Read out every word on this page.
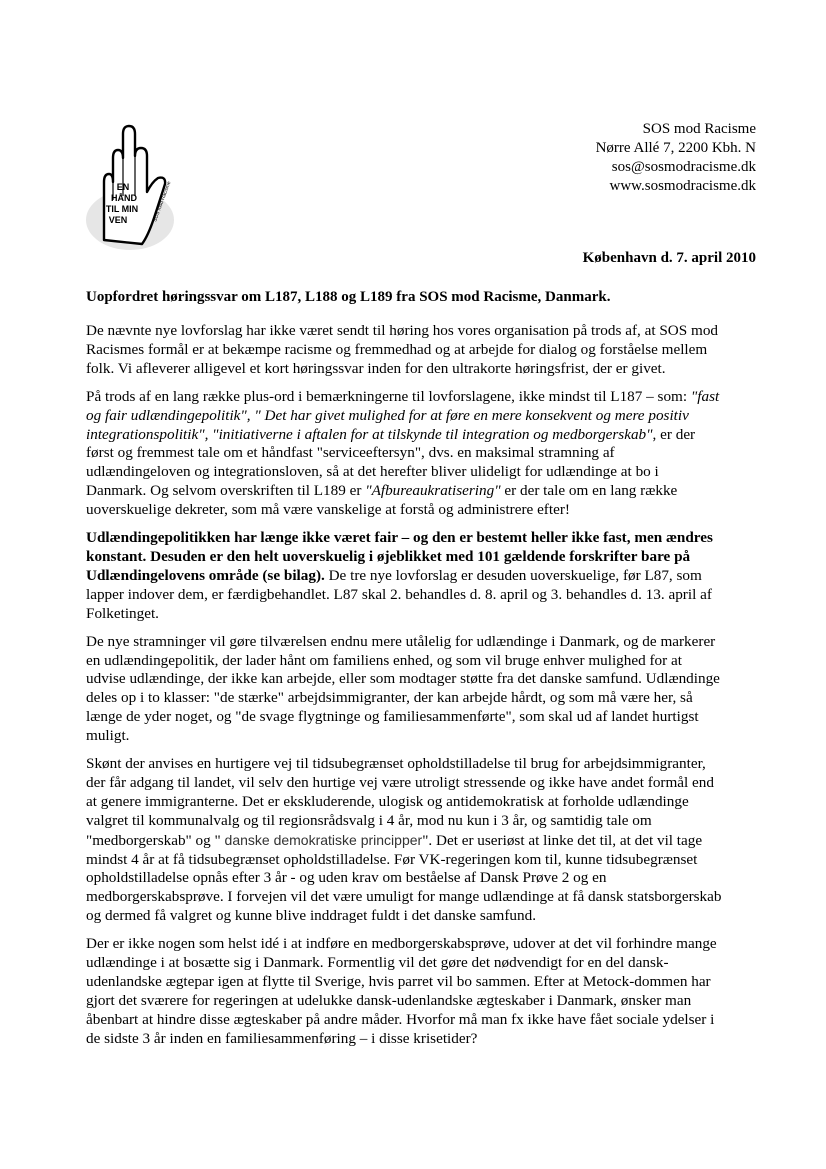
EN
HÅND
TIL MIN
VEN	SOS mod Racisme
SOS mod Racisme
Nørre Allé 7, 2200 Kbh. N
sos@sosmodracisme.dk
www.sosmodracisme.dk
København d. 7. april 2010
Uopfordret høringssvar om L187, L188 og L189 fra SOS mod Racisme, Danmark.

De nævnte nye lovforslag har ikke været sendt til høring hos vores organisation på trods af, at SOS mod
Racismes formål er at bekæmpe racisme og fremmedhad og at arbejde for dialog og forståelse mellem
folk. Vi afleverer alligevel et kort høringssvar inden for den ultrakorte høringsfrist, der er givet.

På trods af en lang række plus-ord i bemærkningerne til lovforslagene, ikke mindst til L187 – som: "fast
og fair udlændingepolitik", " Det har givet mulighed for at føre en mere konsekvent og mere positiv
integrationspolitik", "initiativerne i aftalen for at tilskynde til integration og medborgerskab", er der
først og fremmest tale om et håndfast "serviceeftersyn", dvs. en maksimal stramning af
udlændingeloven og integrationsloven, så at det herefter bliver ulideligt for udlændinge at bo i
Danmark. Og selvom overskriften til L189 er "Afbureaukratisering" er der tale om en lang række
uoverskuelige dekreter, som må være vanskelige at forstå og administrere efter!

Udlændingepolitikken har længe ikke været fair – og den er bestemt heller ikke fast, men ændres
konstant. Desuden er den helt uoverskuelig i øjeblikket med 101 gældende forskrifter bare på
Udlændingelovens område (se bilag). De tre nye lovforslag er desuden uoverskuelige, før L87, som
lapper indover dem, er færdigbehandlet. L87 skal 2. behandles d. 8. april og 3. behandles d. 13. april af
Folketinget.

De nye stramninger vil gøre tilværelsen endnu mere utålelig for udlændinge i Danmark, og de markerer
en udlændingepolitik, der lader hånt om familiens enhed, og som vil bruge enhver mulighed for at
udvise udlændinge, der ikke kan arbejde, eller som modtager støtte fra det danske samfund. Udlændinge
deles op i to klasser: "de stærke" arbejdsimmigranter, der kan arbejde hårdt, og som må være her, så
længe de yder noget, og "de svage flygtninge og familiesammenførte", som skal ud af landet hurtigst
muligt.

Skønt der anvises en hurtigere vej til tidsubegrænset opholdstilladelse til brug for arbejdsimmigranter,
der får adgang til landet, vil selv den hurtige vej være utroligt stressende og ikke have andet formål end
at genere immigranterne. Det er ekskluderende, ulogisk og antidemokratisk at forholde udlændinge
valgret til kommunalvalg og til regionsrådsvalg i 4 år, mod nu kun i 3 år, og samtidig tale om
"medborgerskab" og " danske demokratiske principper". Det er useriøst at linke det til, at det vil tage
mindst 4 år at få tidsubegrænset opholdstilladelse. Før VK-regeringen kom til, kunne tidsubegrænset
opholdstilladelse opnås efter 3 år - og uden krav om beståelse af Dansk Prøve 2 og en
medborgerskabsprøve. I forvejen vil det være umuligt for mange udlændinge at få dansk statsborgerskab
og dermed få valgret og kunne blive inddraget fuldt i det danske samfund.

Der er ikke nogen som helst idé i at indføre en medborgerskabsprøve, udover at det vil forhindre mange
udlændinge i at bosætte sig i Danmark. Formentlig vil det gøre det nødvendigt for en del dansk-
udenlandske ægtepar igen at flytte til Sverige, hvis parret vil bo sammen. Efter at Metock-dommen har
gjort det sværere for regeringen at udelukke dansk-udenlandske ægteskaber i Danmark, ønsker man
åbenbart at hindre disse ægteskaber på andre måder. Hvorfor må man fx ikke have fået sociale ydelser i
de sidste 3 år inden en familiesammenføring – i disse krisetider?
